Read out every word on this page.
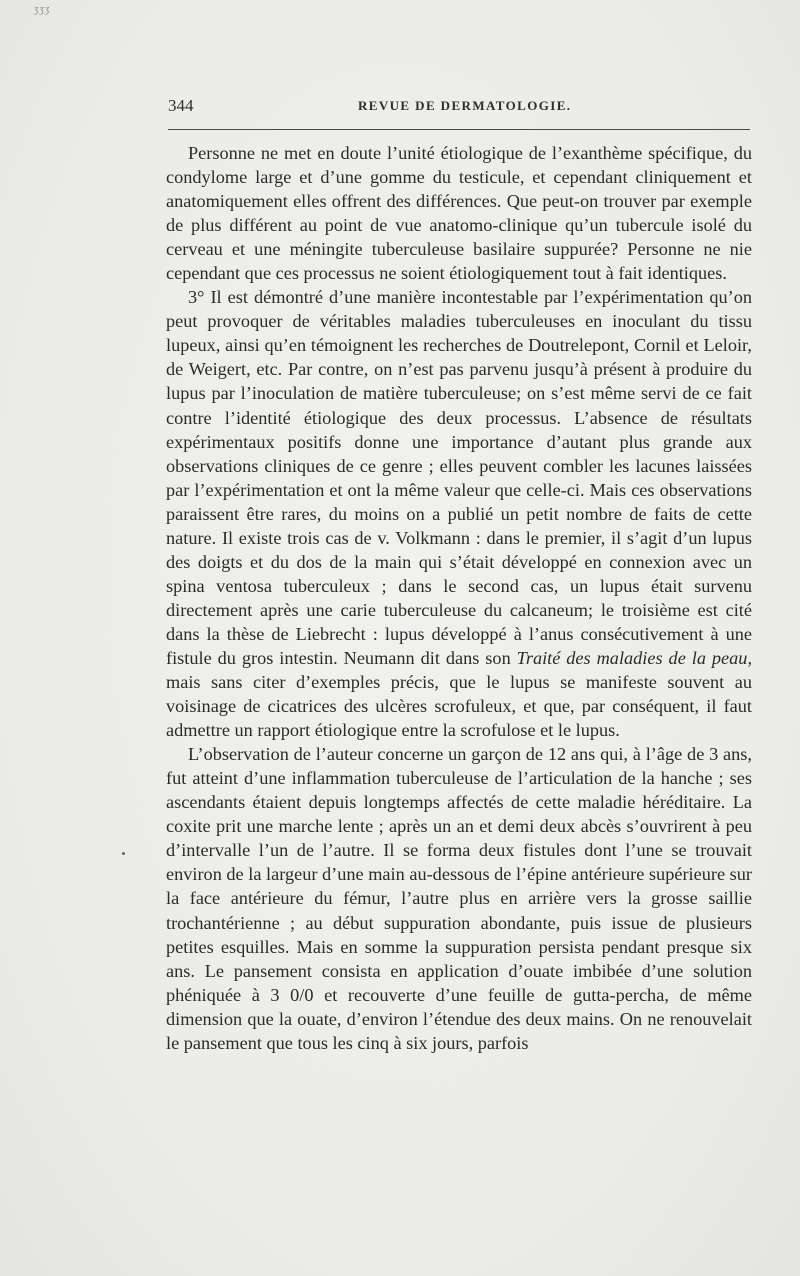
ʒʒʒ
344	REVUE DE DERMATOLOGIE.

Personne ne met en doute l’unité étiologique de l’exanthème spécifique, du condylome large et d’une gomme du testicule, et cependant cliniquement et anatomiquement elles offrent des différences. Que peut-on trouver par exemple de plus différent au point de vue anatomo-clinique qu’un tubercule isolé du cerveau et une méningite tuberculeuse basilaire suppurée? Personne ne nie cependant que ces processus ne soient étiologiquement tout à fait identiques.

3° Il est démontré d’une manière incontestable par l’expérimentation qu’on peut provoquer de véritables maladies tuberculeuses en inoculant du tissu lupeux, ainsi qu’en témoignent les recherches de Doutrelepont, Cornil et Leloir, de Weigert, etc. Par contre, on n’est pas parvenu jusqu’à présent à produire du lupus par l’inoculation de matière tuberculeuse; on s’est même servi de ce fait contre l’identité étiologique des deux processus. L’absence de résultats expérimentaux positifs donne une importance d’autant plus grande aux observations cliniques de ce genre ; elles peuvent combler les lacunes laissées par l’expérimentation et ont la même valeur que celle-ci. Mais ces observations paraissent être rares, du moins on a publié un petit nombre de faits de cette nature. Il existe trois cas de v. Volkmann : dans le premier, il s’agit d’un lupus des doigts et du dos de la main qui s’était développé en connexion avec un spina ventosa tuberculeux ; dans le second cas, un lupus était survenu directement après une carie tuberculeuse du calcaneum; le troisième est cité dans la thèse de Liebrecht : lupus développé à l’anus consécutivement à une fistule du gros intestin. Neumann dit dans son Traité des maladies de la peau, mais sans citer d’exemples précis, que le lupus se manifeste souvent au voisinage de cicatrices des ulcères scrofuleux, et que, par conséquent, il faut admettre un rapport étiologique entre la scrofulose et le lupus.

L’observation de l’auteur concerne un garçon de 12 ans qui, à l’âge de 3 ans, fut atteint d’une inflammation tuberculeuse de l’articulation de la hanche ; ses ascendants étaient depuis longtemps affectés de cette maladie héréditaire. La coxite prit une marche lente ; après un an et demi deux abcès s’ouvrirent à peu d’intervalle l’un de l’autre. Il se forma deux fistules dont l’une se trouvait environ de la largeur d’une main au-dessous de l’épine antérieure supérieure sur la face antérieure du fémur, l’autre plus en arrière vers la grosse saillie trochantérienne ; au début suppuration abondante, puis issue de plusieurs petites esquilles. Mais en somme la suppuration persista pendant presque six ans. Le pansement consista en application d’ouate imbibée d’une solution phéniquée à 3 0/0 et recouverte d’une feuille de gutta-percha, de même dimension que la ouate, d’environ l’étendue des deux mains. On ne renouvelait le pansement que tous les cinq à six jours, parfois
